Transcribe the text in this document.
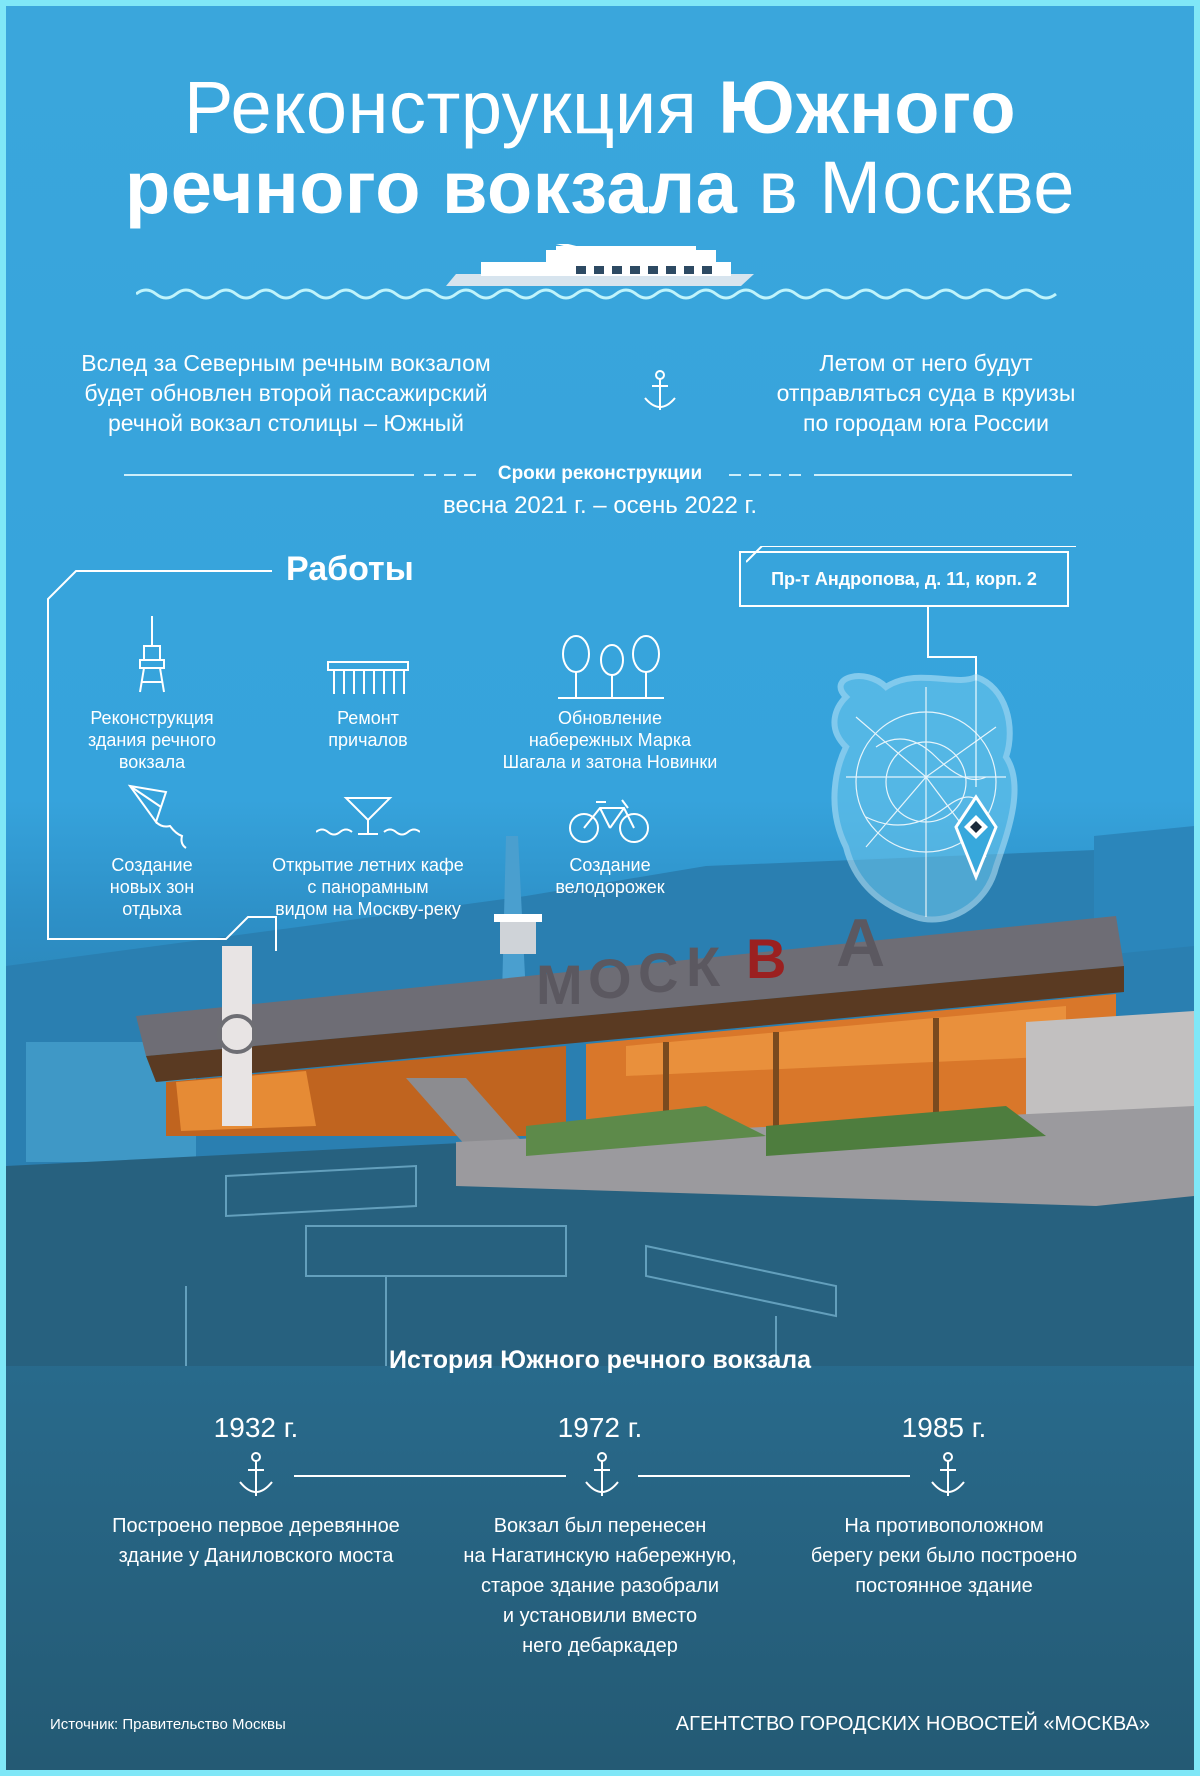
Реконструкция Южного
речного вокзала в Москве
Вслед за Северным речным вокзалом
будет обновлен второй пассажирский
речной вокзал столицы – Южный
Летом от него будут
отправляться суда в круизы
по городам юга России
Сроки реконструкции
весна 2021 г. – осень 2022 г.
М О С К В А
Работы
Реконструкция
здания речного
вокзала
Ремонт
причалов
Обновление
набережных Марка
Шагала и затона Новинки
Создание
новых зон
отдыха
Открытие летних кафе
с панорамным
видом на Москву-реку
Создание
велодорожек
Пр-т Андропова, д. 11, корп. 2
История Южного речного вокзала
1932 г.	1972 г.	1985 г.
Построено первое деревянное
здание у Даниловского моста
Вокзал был перенесен
на Нагатинскую набережную,
старое здание разобрали
и установили вместо
него дебаркадер
На противоположном
берегу реки было построено
постоянное здание
Источник: Правительство Москвы	АГЕНТСТВО ГОРОДСКИХ НОВОСТЕЙ «МОСКВА»
